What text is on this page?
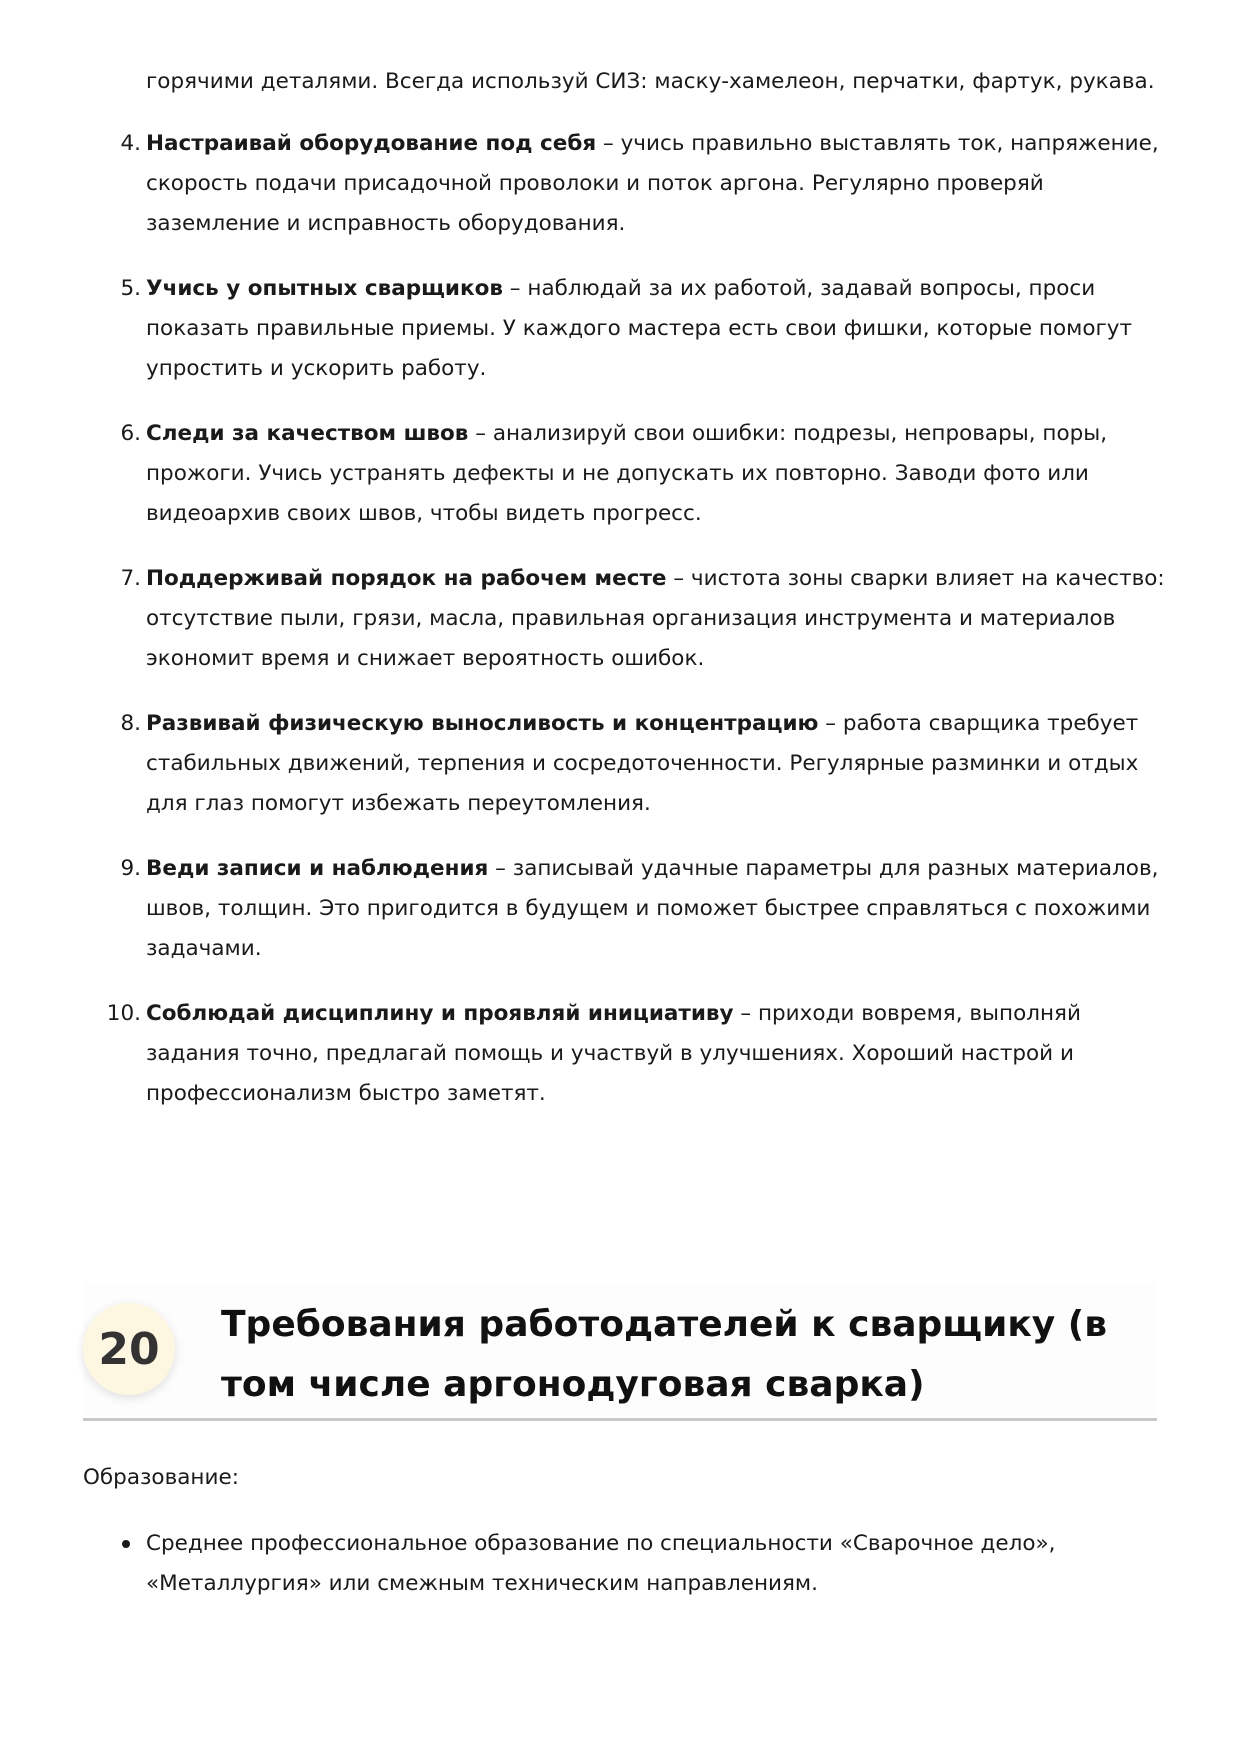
горячими деталями. Всегда используй СИЗ: маску-хамелеон, перчатки, фартук, рукава.

4. Настраивай оборудование под себя – учись правильно выставлять ток, напряжение, скорость подачи присадочной проволоки и поток аргона. Регулярно проверяй заземление и исправность оборудования.
5. Учись у опытных сварщиков – наблюдай за их работой, задавай вопросы, проси показать правильные приемы. У каждого мастера есть свои фишки, которые помогут упростить и ускорить работу.
6. Следи за качеством швов – анализируй свои ошибки: подрезы, непровары, поры, прожоги. Учись устранять дефекты и не допускать их повторно. Заводи фото или видеоархив своих швов, чтобы видеть прогресс.
7. Поддерживай порядок на рабочем месте – чистота зоны сварки влияет на качество: отсутствие пыли, грязи, масла, правильная организация инструмента и материалов экономит время и снижает вероятность ошибок.
8. Развивай физическую выносливость и концентрацию – работа сварщика требует стабильных движений, терпения и сосредоточенности. Регулярные разминки и отдых для глаз помогут избежать переутомления.
9. Веди записи и наблюдения – записывай удачные параметры для разных материалов, швов, толщин. Это пригодится в будущем и поможет быстрее справляться с похожими задачами.
10. Соблюдай дисциплину и проявляй инициативу – приходи вовремя, выполняй задания точно, предлагай помощь и участвуй в улучшениях. Хороший настрой и профессионализм быстро заметят.
20	Требования работодателей к сварщику (в том числе аргонодуговая сварка)

Образование:

Среднее профессиональное образование по специальности «Сварочное дело», «Металлургия» или смежным техническим направлениям.
